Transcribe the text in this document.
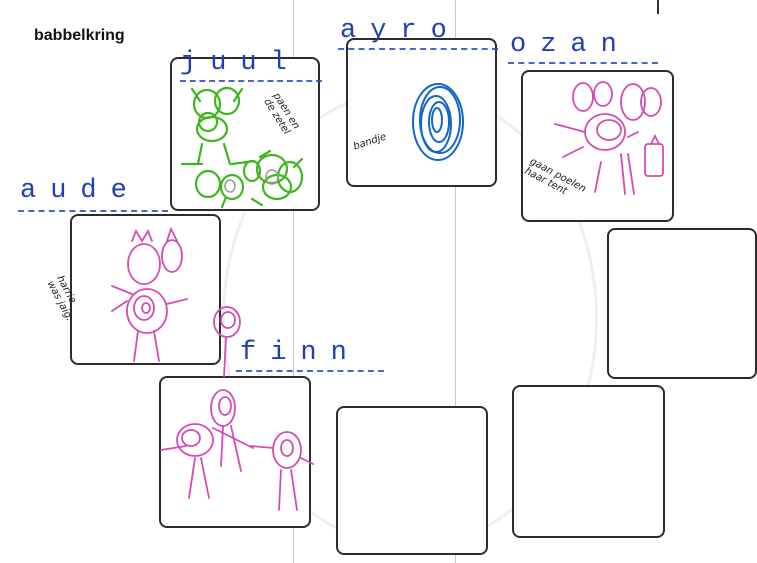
babbelkring
paen en
de zetel
bandje
gaan poelen
haar tent
harrie
was jaig.
juul
ayro ozan
aude
finn
